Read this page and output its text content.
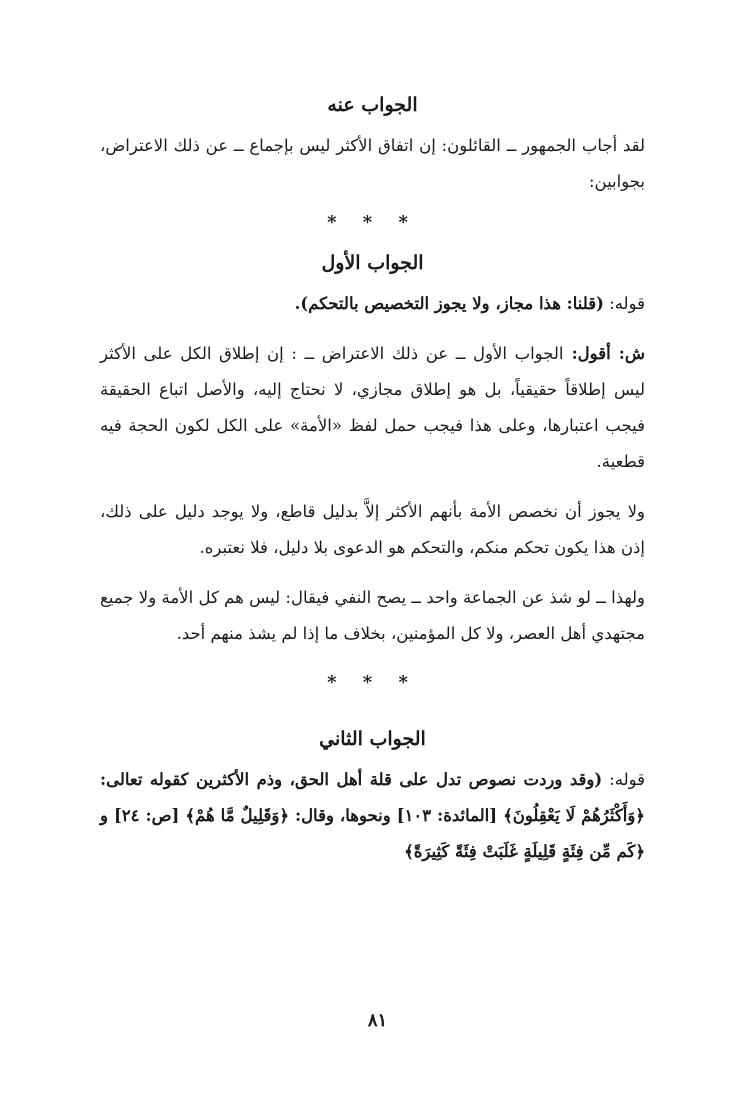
الجواب عنه

لقد أجاب الجمهور ــ القائلون: إن اتفاق الأكثر ليس بإجماع ــ عن ذلك الاعتراض، بجوابين:

* * *

الجواب الأول

قوله: (قلنا: هذا مجاز، ولا يجوز التخصيص بالتحكم).

ش: أقول: الجواب الأول ــ عن ذلك الاعتراض ــ : إن إطلاق الكل على الأكثر ليس إطلاقاً حقيقياً، بل هو إطلاق مجازي، لا نحتاج إليه، والأصل اتباع الحقيقة فيجب اعتبارها، وعلى هذا فيجب حمل لفظ «الأمة» على الكل لكون الحجة فيه قطعية.

ولا يجوز أن نخصص الأمة بأنهم الأكثر إلاَّ بدليل قاطع، ولا يوجد دليل على ذلك، إذن هذا يكون تحكم منكم، والتحكم هو الدعوى بلا دليل، فلا نعتبره.

ولهذا ــ لو شذ عن الجماعة واحد ــ يصح النفي فيقال: ليس هم كل الأمة ولا جميع مجتهدي أهل العصر، ولا كل المؤمنين، بخلاف ما إذا لم يشذ منهم أحد.

* * *

الجواب الثاني

قوله: (وقد وردت نصوص تدل على قلة أهل الحق، وذم الأكثرين كقوله تعالى: ﴿وَأَكْثَرُهُمْ لَا يَعْقِلُونَ﴾ [المائدة: ١٠٣] ونحوها، وقال: ﴿وَقَلِيلٌ مَّا هُمْ﴾ [ص: ٢٤] و ﴿كَم مِّن فِئَةٍ قَلِيلَةٍ غَلَبَتْ فِئَةً كَثِيرَةً﴾

٨١
